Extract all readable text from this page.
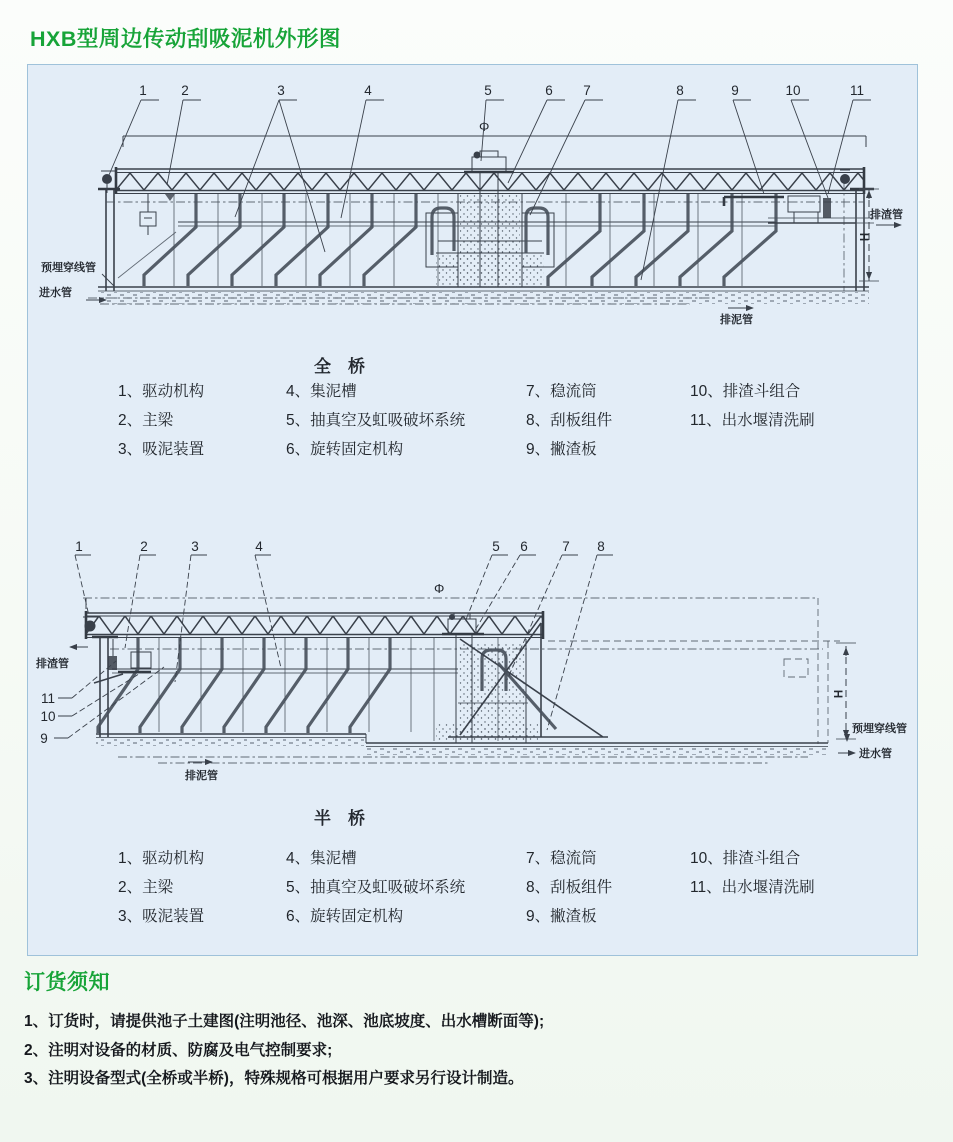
HXB型周边传动刮吸泥机外形图
Φ
H
1	2	3	4	5	6 7	8	9	10	11
预埋穿线管
进水管
排渣管
排泥管
全　桥
1、驱动机构
2、主梁
3、吸泥装置
4、集泥槽
5、抽真空及虹吸破坏系统
6、旋转固定机构
7、稳流筒
8、刮板组件
9、撇渣板
10、排渣斗组合
11、出水堰清洗刷
Φ
H
1	2	3	4	5 6	7 8
11
10
9
排渣管
排泥管
预埋穿线管
进水管
半　桥
1、驱动机构
2、主梁
3、吸泥装置
4、集泥槽
5、抽真空及虹吸破坏系统
6、旋转固定机构
7、稳流筒
8、刮板组件
9、撇渣板
10、排渣斗组合
11、出水堰清洗刷
订货须知
1、订货时，请提供池子土建图(注明池径、池深、池底坡度、出水槽断面等);
2、注明对设备的材质、防腐及电气控制要求;
3、注明设备型式(全桥或半桥)，特殊规格可根据用户要求另行设计制造。
